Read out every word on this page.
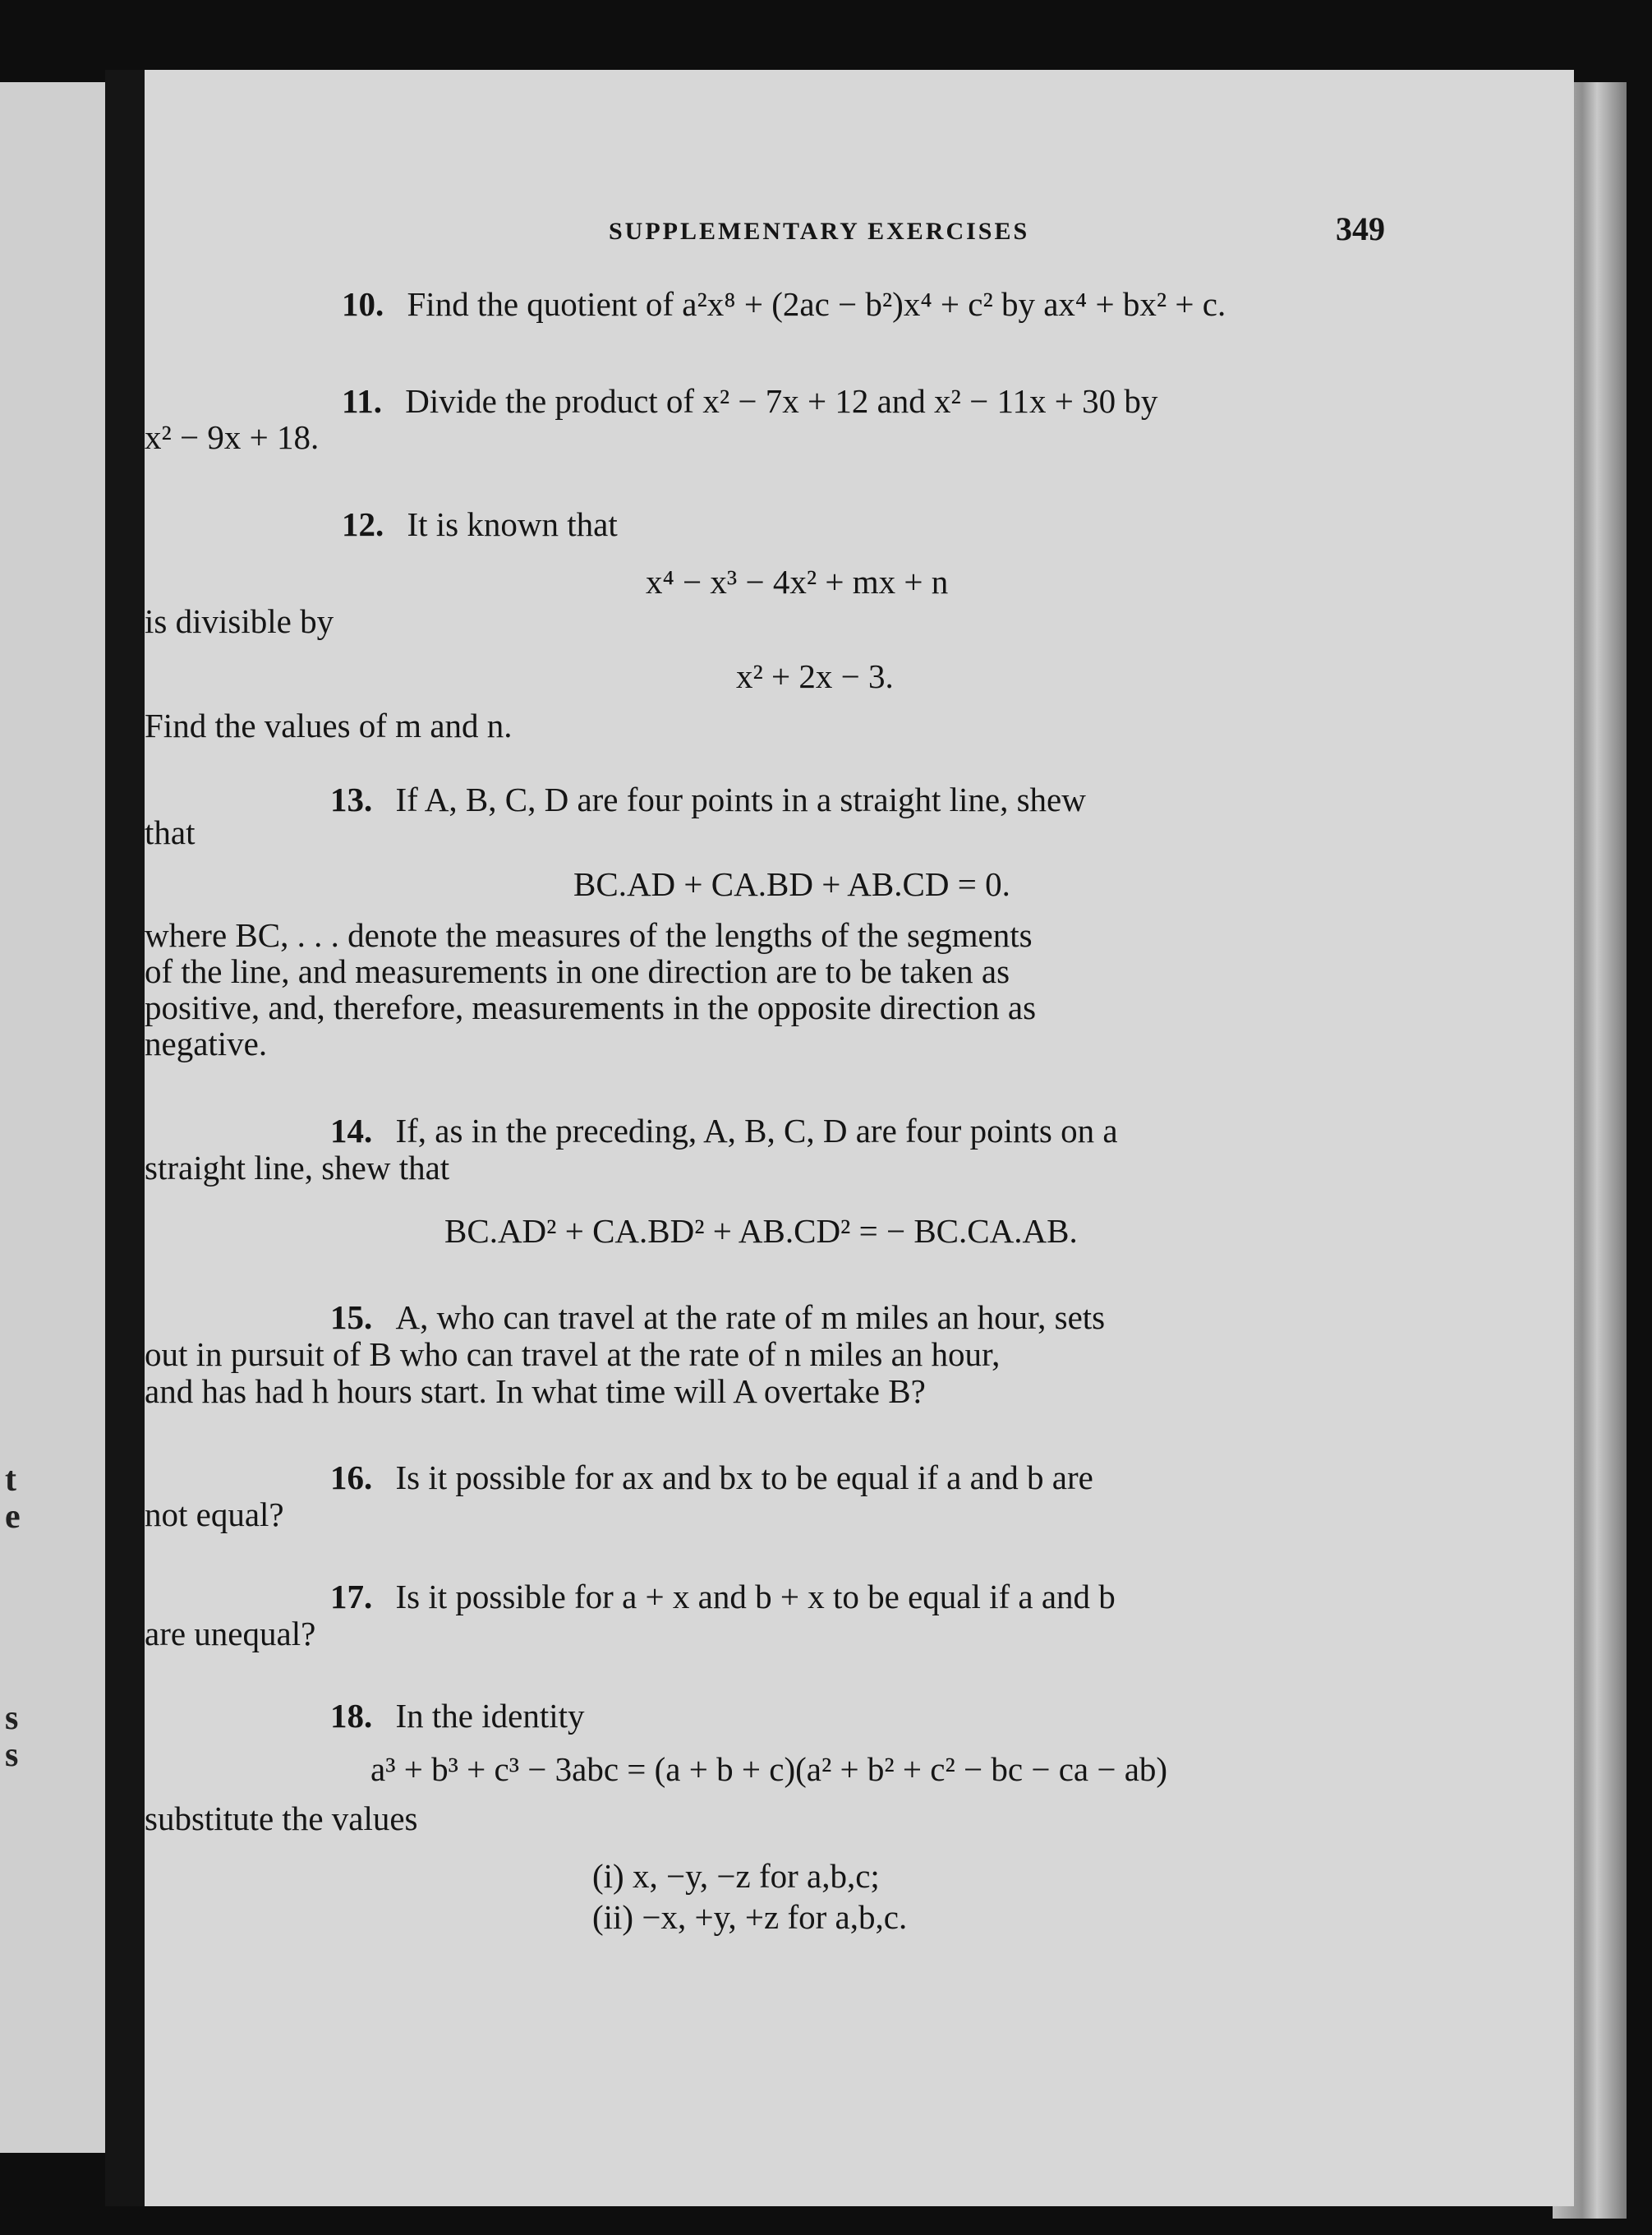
t
e
s
s
SUPPLEMENTARY EXERCISES	349
10. Find the quotient of a²x⁸ + (2ac − b²)x⁴ + c² by ax⁴ + bx² + c.
11. Divide the product of x² − 7x + 12 and x² − 11x + 30 by
x² − 9x + 18.
12. It is known that
x⁴ − x³ − 4x² + mx + n
is divisible by
x² + 2x − 3.
Find the values of m and n.
13. If A, B, C, D are four points in a straight line, shew
that
BC.AD + CA.BD + AB.CD = 0.
where BC, . . . denote the measures of the lengths of the segments
of the line, and measurements in one direction are to be taken as
positive, and, therefore, measurements in the opposite direction as
negative.
14. If, as in the preceding, A, B, C, D are four points on a
straight line, shew that
BC.AD² + CA.BD² + AB.CD² = − BC.CA.AB.
15. A, who can travel at the rate of m miles an hour, sets
out in pursuit of B who can travel at the rate of n miles an hour,
and has had h hours start. In what time will A overtake B?
16. Is it possible for ax and bx to be equal if a and b are
not equal?
17. Is it possible for a + x and b + x to be equal if a and b
are unequal?
18. In the identity
a³ + b³ + c³ − 3abc = (a + b + c)(a² + b² + c² − bc − ca − ab)
substitute the values
(i) x, −y, −z for a,b,c;
(ii) −x, +y, +z for a,b,c.
